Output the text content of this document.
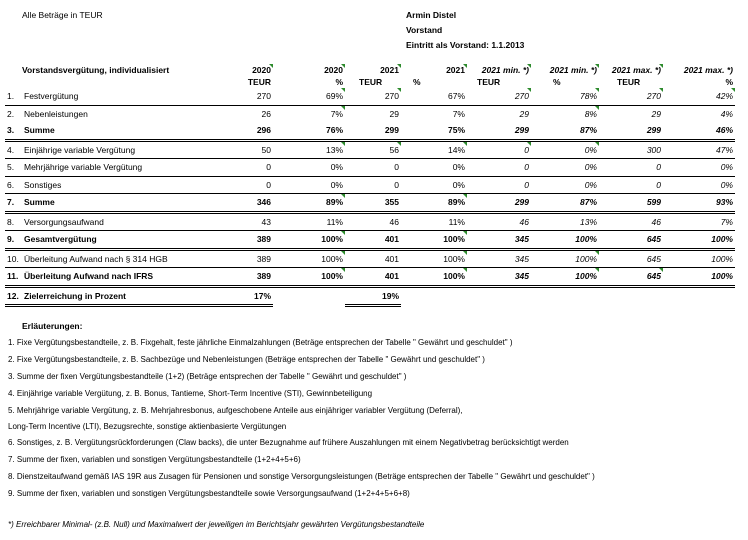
Alle Beträge in TEUR	Armin Distel
Vorstand
Eintritt als Vorstand: 1.1.2013
Vorstandsvergütung, individualisiert	2020	2020	2021	2021	2021 min. *)	2021 min. *)	2021 max. *)	2021 max. *)
	TEUR	%	TEUR	%	TEUR	%	TEUR	%
1. Festvergütung	270	69%	270	67%	270	78%	270	42%
2. Nebenleistungen	26	7%	29	7%	29	8%	29	4%
3. Summe	296	76%	299	75%	299	87%	299	46%
4. Einjährige variable Vergütung	50	13%	56	14%	0	0%	300	47%
5. Mehrjährige variable Vergütung	0	0%	0	0%	0	0%	0	0%
6. Sonstiges	0	0%	0	0%	0	0%	0	0%
7. Summe	346	89%	355	89%	299	87%	599	93%
8. Versorgungsaufwand	43	11%	46	11%	46	13%	46	7%
9. Gesamtvergütung	389	100%	401	100%	345	100%	645	100%
10. Überleitung Aufwand nach § 314 HGB	389	100%	401	100%	345	100%	645	100%
11. Überleitung Aufwand nach IFRS	389	100%	401	100%	345	100%	645	100%
12. Zielerreichung in Prozent	17%		19%					
Erläuterungen:
1. Fixe Vergütungsbestandteile, z. B. Fixgehalt, feste jährliche Einmalzahlungen (Beträge entsprechen der Tabelle " Gewährt und geschuldet" )
2. Fixe Vergütungsbestandteile, z. B. Sachbezüge und Nebenleistungen (Beträge entsprechen der Tabelle " Gewährt und geschuldet" )
3. Summe der fixen Vergütungsbestandteile (1+2) (Beträge entsprechen der Tabelle " Gewährt und geschuldet" )
4. Einjährige variable Vergütung, z. B. Bonus, Tantieme, Short-Term Incentive (STI), Gewinnbeteiligung
5. Mehrjährige variable Vergütung, z. B. Mehrjahresbonus, aufgeschobene Anteile aus einjähriger variabler Vergütung (Deferral),
Long-Term Incentive (LTI), Bezugsrechte, sonstige aktienbasierte Vergütungen
6. Sonstiges, z. B. Vergütungsrückforderungen (Claw backs), die unter Bezugnahme auf frühere Auszahlungen mit einem Negativbetrag berücksichtigt werden
7. Summe der fixen, variablen und sonstigen Vergütungsbestandteile (1+2+4+5+6)
8. Dienstzeitaufwand gemäß IAS 19R aus Zusagen für Pensionen und sonstige Versorgungsleistungen (Beträge entsprechen der Tabelle " Gewährt und geschuldet" )
9. Summe der fixen, variablen und sonstigen Vergütungsbestandteile sowie Versorgungsaufwand (1+2+4+5+6+8)
*) Erreichbarer Minimal- (z.B. Null) und Maximalwert der jeweiligen im Berichtsjahr gewährten Vergütungsbestandteile
